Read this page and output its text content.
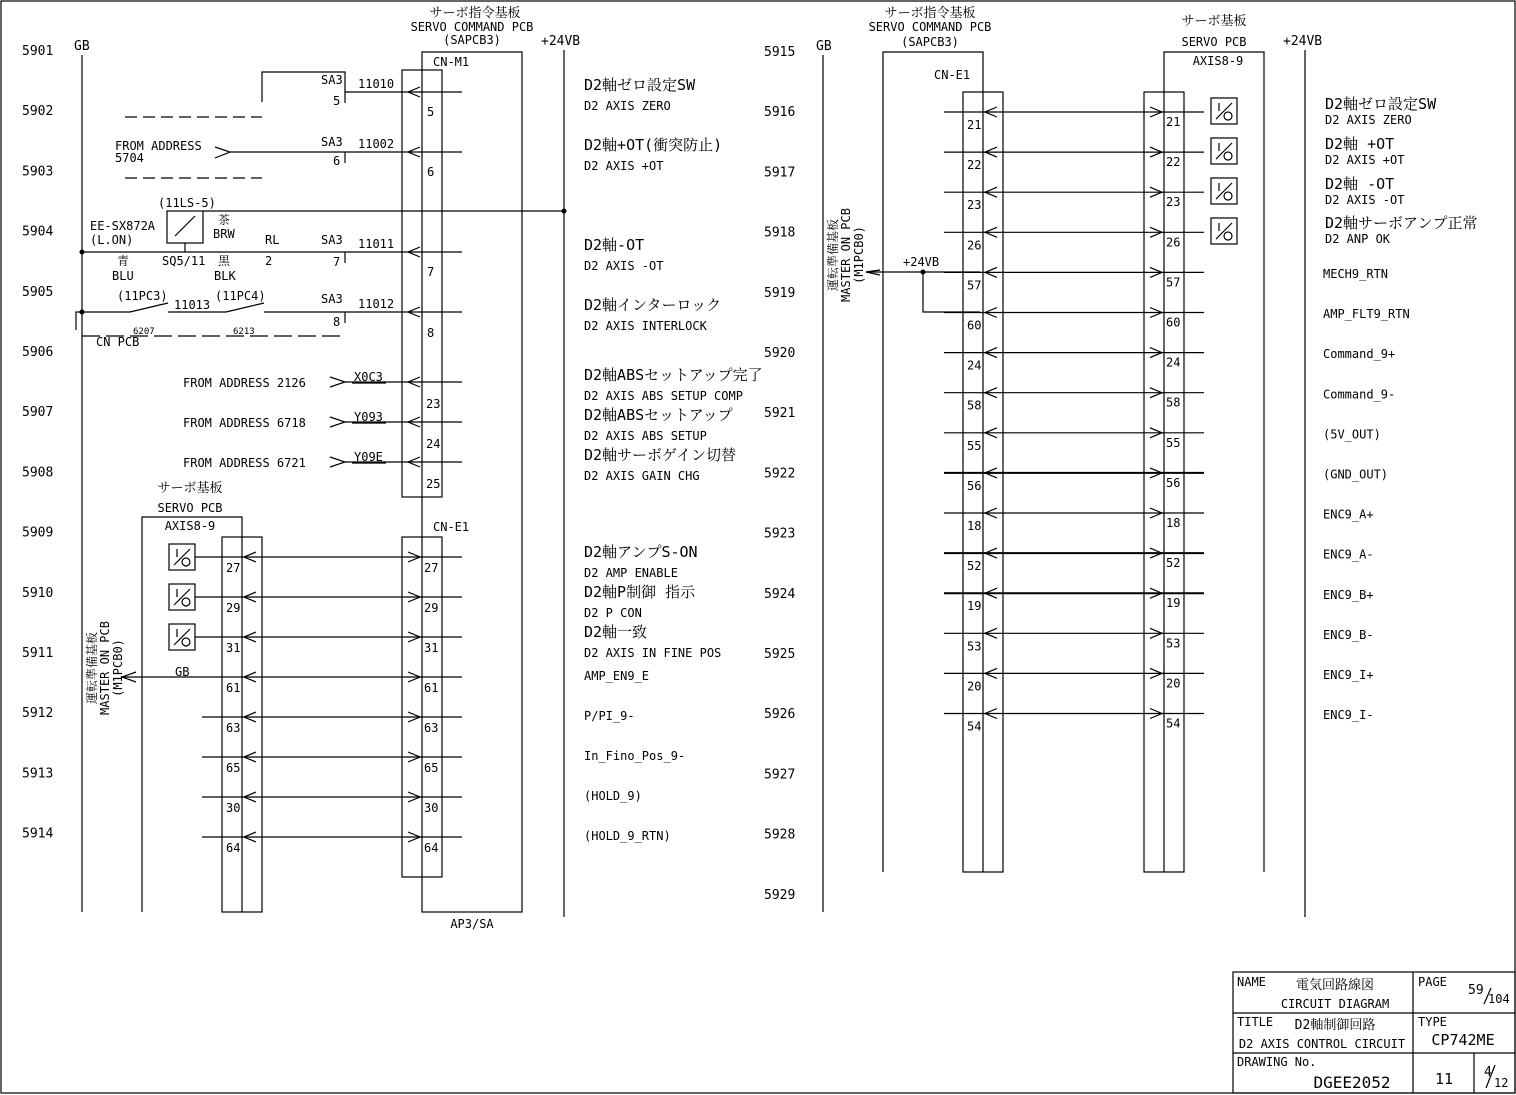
5901
5902
5903
5904
5905
5906
5907
5908
5909
5910
5911
5912
5913
5914
5915
5916
5917
5918
5919
5920
5921
5922
5923
5924
5925
5926
5927
5928
5929
GB	+24VB
サーボ指令基板
SERVO COMMAND PCB
(SAPCB3)
CN-M1
CN-E1
AP3/SA
SA3
SA3
SA3
SA3
11010
11002
11011
11012
5
6
7
8
5
6
7
8
FROM ADDRESS
5704
(11LS-5)
EE-SX872A
(L.ON)
茶
BRW
SQ5/11 黒
青
BLU	BLK
RL
2
(11PC3)
11013
(11PC4)
6207	6213
CN PCB
FROM ADDRESS 2126	X0C3
23
FROM ADDRESS 6718	Y093
24
FROM ADDRESS 6721	Y09E
25
サーボ基板
SERVO PCB
AXIS8-9
運転準備基板 MASTER ON PCB (M1PCB0)	GB
27	27
29	29
31	31
61	61
63	63
65	65
30	30
64	64
D2軸ゼロ設定SW
D2 AXIS ZERO
D2軸+OT(衝突防止)
D2 AXIS +OT
D2軸-OT
D2 AXIS -OT
D2軸インターロック
D2 AXIS INTERLOCK
D2軸ABSセットアップ完了
D2 AXIS ABS SETUP COMP
D2軸ABSセットアップ
D2 AXIS ABS SETUP
D2軸サーボゲイン切替
D2 AXIS GAIN CHG
D2軸アンプS-ON
D2 AMP ENABLE
D2軸P制御 指示
D2 P CON
D2軸一致
D2 AXIS IN FINE POS
AMP_EN9_E
P/PI_9-
In_Fino_Pos_9-
(HOLD_9)
(HOLD_9_RTN)
GB	+24VB
サーボ指令基板
SERVO COMMAND PCB
(SAPCB3)
CN-E1
サーボ基板
SERVO PCB
AXIS8-9
運転準備基板 MASTER ON PCB (M1PCB0)	+24VB
21	21
22	22
23	23
26	26
57	57
60	60
24	24
58	58
55	55
56	56
18	18
52	52
19	19
53	53
20	20
54	54
D2軸ゼロ設定SW
D2 AXIS ZERO
D2軸 +OT
D2 AXIS +OT
D2軸 -OT
D2 AXIS -OT
D2軸サーボアンプ正常
D2 ANP OK
MECH9_RTN
AMP_FLT9_RTN
Command_9+
Command_9-
(5V_OUT)
(GND_OUT)
ENC9_A+
ENC9_A-
ENC9_B+
ENC9_B-
ENC9_I+
ENC9_I-
NAME 電気回路線図
CIRCUIT DIAGRAM
PAGE
59
104
TITLE D2軸制御回路
D2 AXIS CONTROL CIRCUIT
TYPE
CP742ME
DRAWING No.
DGEE2052	11 4
12
